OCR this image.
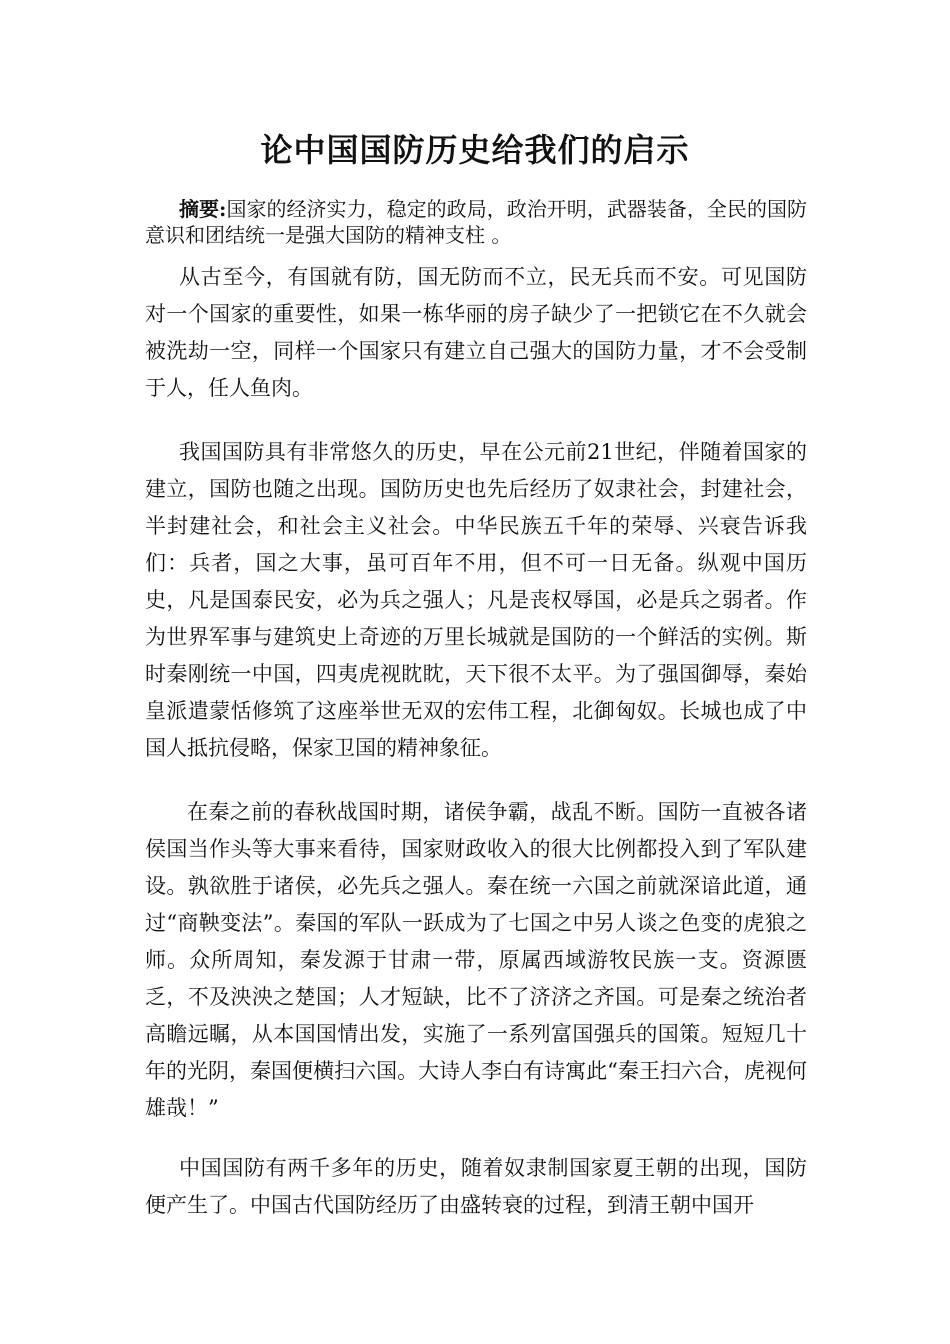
论中国国防历史给我们的启示
摘要:国家的经济实力，稳定的政局，政治开明，武器装备，全民的国防意识和团结统一是强大国防的精神支柱 。

从古至今，有国就有防，国无防而不立，民无兵而不安。可见国防对一个国家的重要性，如果一栋华丽的房子缺少了一把锁它在不久就会被洗劫一空，同样一个国家只有建立自己强大的国防力量，才不会受制于人，任人鱼肉。

我国国防具有非常悠久的历史，早在公元前21世纪，伴随着国家的建立，国防也随之出现。国防历史也先后经历了奴隶社会，封建社会，半封建社会，和社会主义社会。中华民族五千年的荣辱、兴衰告诉我们：兵者，国之大事，虽可百年不用，但不可一日无备。纵观中国历史，凡是国泰民安，必为兵之强人；凡是丧权辱国，必是兵之弱者。作为世界军事与建筑史上奇迹的万里长城就是国防的一个鲜活的实例。斯时秦刚统一中国，四夷虎视眈眈，天下很不太平。为了强国御辱，秦始皇派遣蒙恬修筑了这座举世无双的宏伟工程，北御匈奴。长城也成了中国人抵抗侵略，保家卫国的精神象征。

在秦之前的春秋战国时期，诸侯争霸，战乱不断。国防一直被各诸侯国当作头等大事来看待，国家财政收入的很大比例都投入到了军队建设。孰欲胜于诸侯，必先兵之强人。秦在统一六国之前就深谙此道，通过“商鞅变法”。秦国的军队一跃成为了七国之中另人谈之色变的虎狼之师。众所周知，秦发源于甘肃一带，原属西域游牧民族一支。资源匮乏，不及泱泱之楚国；人才短缺，比不了济济之齐国。可是秦之统治者高瞻远瞩，从本国国情出发，实施了一系列富国强兵的国策。短短几十年的光阴，秦国便横扫六国。大诗人李白有诗寓此“秦王扫六合，虎视何雄哉！”

中国国防有两千多年的历史，随着奴隶制国家夏王朝的出现，国防便产生了。中国古代国防经历了由盛转衰的过程，到清王朝中国开
